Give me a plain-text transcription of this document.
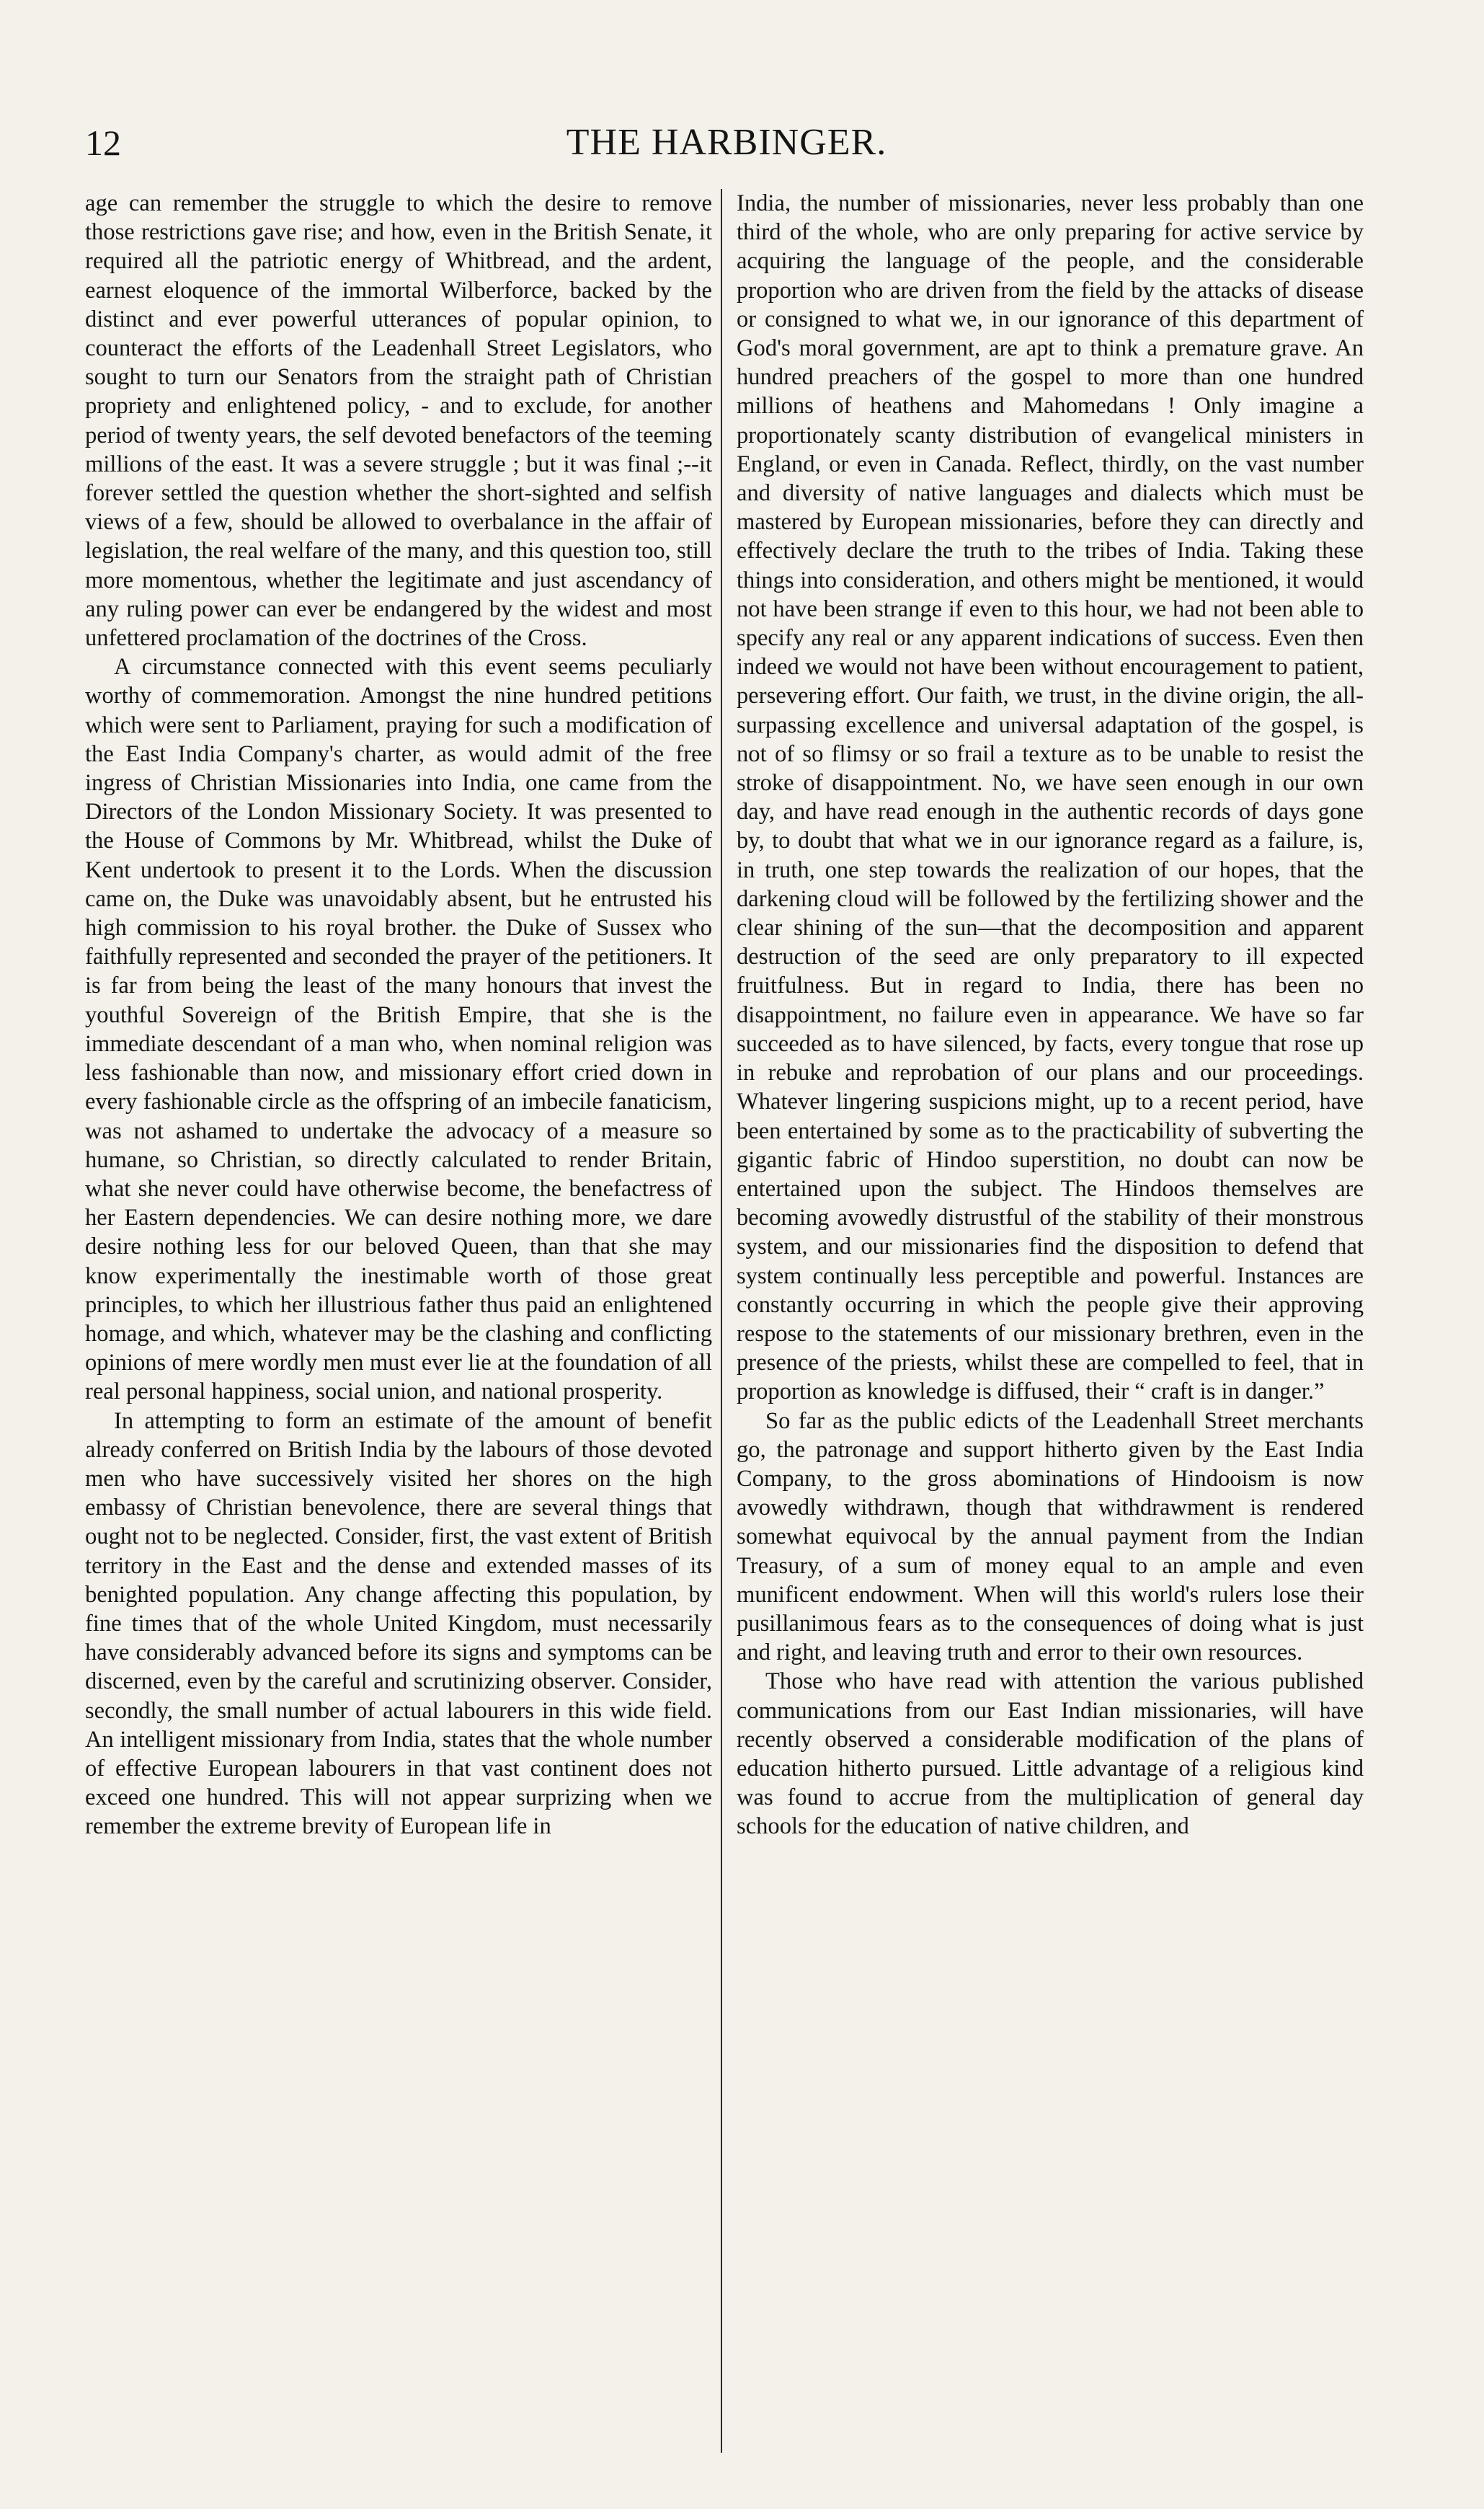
12	THE HARBINGER.

age can remember the struggle to which the desire to remove those restrictions gave rise; and how, even in the British Senate, it required all the patriotic energy of Whitbread, and the ardent, earnest eloquence of the immortal Wilberforce, backed by the distinct and ever powerful utterances of popular opinion, to counteract the efforts of the Leadenhall Street Legislators, who sought to turn our Senators from the straight path of Christian propriety and enlightened policy, - and to exclude, for another period of twenty years, the self devoted benefactors of the teeming millions of the east. It was a severe struggle ; but it was final ;--it forever settled the question whether the short-sighted and selfish views of a few, should be allowed to overbalance in the affair of legislation, the real welfare of the many, and this question too, still more momentous, whether the legitimate and just ascendancy of any ruling power can ever be endangered by the widest and most unfettered proclamation of the doctrines of the Cross.

A circumstance connected with this event seems peculiarly worthy of commemoration. Amongst the nine hundred petitions which were sent to Parliament, praying for such a modification of the East India Company's charter, as would admit of the free ingress of Christian Missionaries into India, one came from the Directors of the London Missionary Society. It was presented to the House of Commons by Mr. Whitbread, whilst the Duke of Kent undertook to present it to the Lords. When the discussion came on, the Duke was unavoidably absent, but he entrusted his high commission to his royal brother. the Duke of Sussex who faithfully represented and seconded the prayer of the petitioners. It is far from being the least of the many honours that invest the youthful Sovereign of the British Empire, that she is the immediate descendant of a man who, when nominal religion was less fashionable than now, and missionary effort cried down in every fashionable circle as the offspring of an imbecile fanaticism, was not ashamed to undertake the advocacy of a measure so humane, so Christian, so directly calculated to render Britain, what she never could have otherwise become, the benefactress of her Eastern dependencies. We can desire nothing more, we dare desire nothing less for our beloved Queen, than that she may know experimentally the inestimable worth of those great principles, to which her illustrious father thus paid an enlightened homage, and which, whatever may be the clashing and conflicting opinions of mere wordly men must ever lie at the foundation of all real personal happiness, social union, and national prosperity.

In attempting to form an estimate of the amount of benefit already conferred on British India by the labours of those devoted men who have successively visited her shores on the high embassy of Christian benevolence, there are several things that ought not to be neglected. Consider, first, the vast extent of British territory in the East and the dense and extended masses of its benighted population. Any change affecting this population, by fine times that of the whole United Kingdom, must necessarily have considerably advanced before its signs and symptoms can be discerned, even by the careful and scrutinizing observer. Consider, secondly, the small number of actual labourers in this wide field. An intelligent missionary from India, states that the whole number of effective European labourers in that vast continent does not exceed one hundred. This will not appear surprizing when we remember the extreme brevity of European life in

India, the number of missionaries, never less probably than one third of the whole, who are only preparing for active service by acquiring the language of the people, and the considerable proportion who are driven from the field by the attacks of disease or consigned to what we, in our ignorance of this department of God's moral government, are apt to think a premature grave. An hundred preachers of the gospel to more than one hundred millions of heathens and Mahomedans ! Only imagine a proportionately scanty distribution of evangelical ministers in England, or even in Canada. Reflect, thirdly, on the vast number and diversity of native languages and dialects which must be mastered by European missionaries, before they can directly and effectively declare the truth to the tribes of India. Taking these things into consideration, and others might be mentioned, it would not have been strange if even to this hour, we had not been able to specify any real or any apparent indications of success. Even then indeed we would not have been without encouragement to patient, persevering effort. Our faith, we trust, in the divine origin, the all-surpassing excellence and universal adaptation of the gospel, is not of so flimsy or so frail a texture as to be unable to resist the stroke of disappointment. No, we have seen enough in our own day, and have read enough in the authentic records of days gone by, to doubt that what we in our ignorance regard as a failure, is, in truth, one step towards the realization of our hopes, that the darkening cloud will be followed by the fertilizing shower and the clear shining of the sun—that the decomposition and apparent destruction of the seed are only preparatory to ill expected fruitfulness. But in regard to India, there has been no disappointment, no failure even in appearance. We have so far succeeded as to have silenced, by facts, every tongue that rose up in rebuke and reprobation of our plans and our proceedings. Whatever lingering suspicions might, up to a recent period, have been entertained by some as to the practicability of subverting the gigantic fabric of Hindoo superstition, no doubt can now be entertained upon the subject. The Hindoos themselves are becoming avowedly distrustful of the stability of their monstrous system, and our missionaries find the disposition to defend that system continually less perceptible and powerful. Instances are constantly occurring in which the people give their approving respose to the statements of our missionary brethren, even in the presence of the priests, whilst these are compelled to feel, that in proportion as knowledge is diffused, their “ craft is in danger.”

So far as the public edicts of the Leadenhall Street merchants go, the patronage and support hitherto given by the East India Company, to the gross abominations of Hindooism is now avowedly withdrawn, though that withdrawment is rendered somewhat equivocal by the annual payment from the Indian Treasury, of a sum of money equal to an ample and even munificent endowment. When will this world's rulers lose their pusillanimous fears as to the consequences of doing what is just and right, and leaving truth and error to their own resources.

Those who have read with attention the various published communications from our East Indian missionaries, will have recently observed a considerable modification of the plans of education hitherto pursued. Little advantage of a religious kind was found to accrue from the multiplication of general day schools for the education of native children, and
